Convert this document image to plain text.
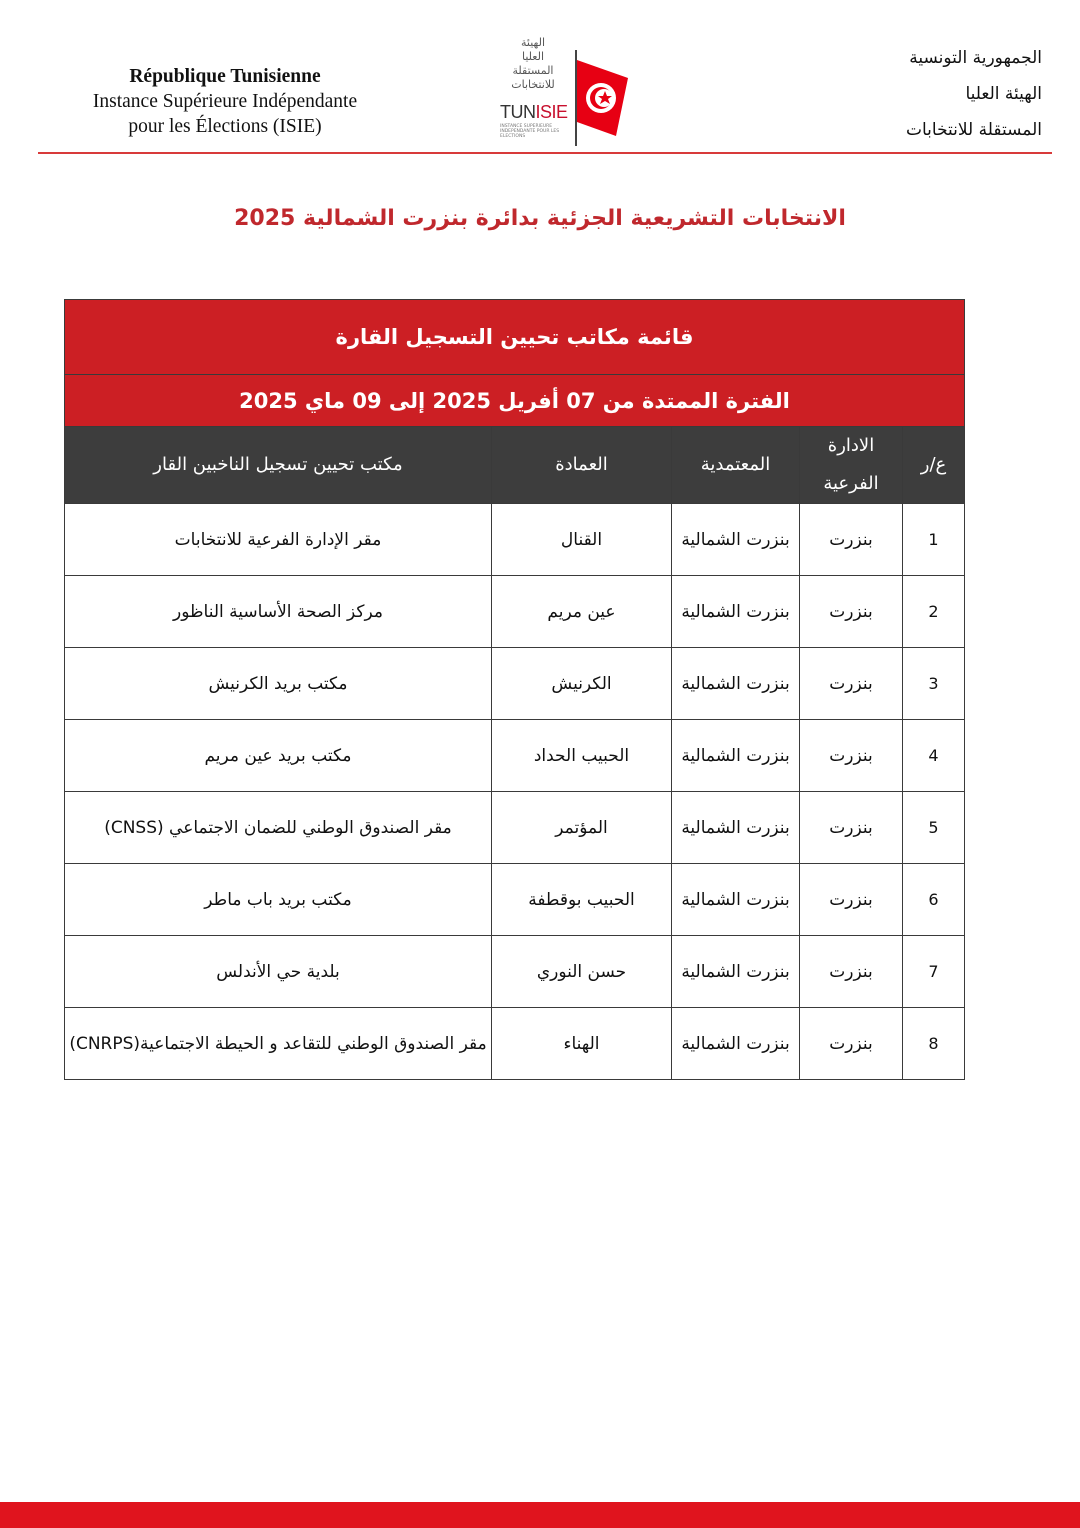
République Tunisienne
Instance Supérieure Indépendante
pour les Élections (ISIE)
الهيئة
العليا
المستقلة
للانتخابات
TUNISIE
INSTANCE SUPERIEURE INDEPENDANTE POUR LES ELECTIONS
الجمهورية التونسية
الهيئة العليا
المستقلة للانتخابات
الانتخابات التشريعية الجزئية بدائرة بنزرت الشمالية 2025
قائمة مكاتب تحيين التسجيل القارة				
الفترة الممتدة من 07 أفريل 2025 إلى 09 ماي 2025				
ع/ر	الادارة الفرعية	المعتمدية	العمادة	مكتب تحيين تسجيل الناخبين القار
1	بنزرت	بنزرت الشمالية	القنال	مقر الإدارة الفرعية للانتخابات
2	بنزرت	بنزرت الشمالية	عين مريم	مركز الصحة الأساسية الناظور
3	بنزرت	بنزرت الشمالية	الكرنيش	مكتب بريد الكرنيش
4	بنزرت	بنزرت الشمالية	الحبيب الحداد	مكتب بريد عين مريم
5	بنزرت	بنزرت الشمالية	المؤتمر	مقر الصندوق الوطني للضمان الاجتماعي (CNSS)
6	بنزرت	بنزرت الشمالية	الحبيب بوقطفة	مكتب بريد باب ماطر
7	بنزرت	بنزرت الشمالية	حسن النوري	بلدية حي الأندلس
8	بنزرت	بنزرت الشمالية	الهناء	مقر الصندوق الوطني للتقاعد و الحيطة الاجتماعية(CNRPS)
